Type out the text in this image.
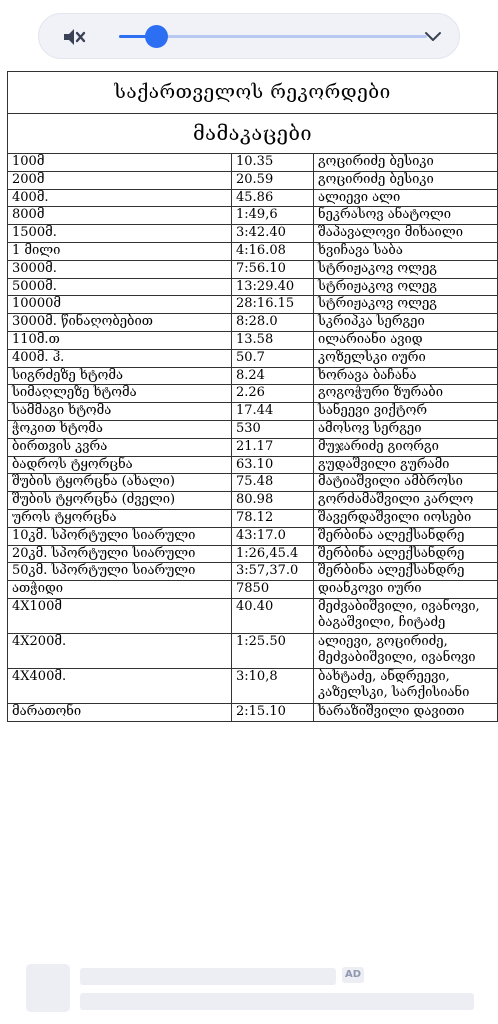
საქართველოს რეკორდები		
მამაკაცები		
100მ	10.35	გოცირიძე ბესიკი
200მ	20.59	გოცირიძე ბესიკი
400მ.	45.86	ალიევი ალი
800მ	1:49,6	ნეკრასოვ ანატოლი
1500მ.	3:42.40	შაპავალოვი მიხაილი
1 მილი	4:16.08	ხვიჩავა საბა
3000მ.	7:56.10	სტრიჟაკოვ ოლეგ
5000მ.	13:29.40	სტრიჟაკოვ ოლეგ
10000მ	28:16.15	სტრიჟაკოვ ოლეგ
3000მ. წინაღობებით	8:28.0	სკრიპკა სერგეი
110მ.თ	13.58	ილარიანი ავიდ
400მ. ჰ.	50.7	კოზელსკი იური
სიგრძეზე ხტომა	8.24	ხორავა ბაჩანა
სიმაღლეზე ხტომა	2.26	გოგოჭური ზურაბი
სამმაგი ხტომა	17.44	სანეევი ვიქტორ
ჭოკით ხტომა	530	ამოსოვ სერგეი
ბირთვის კვრა	21.17	მუჯარიძე გიორგი
ბადროს ტყორცნა	63.10	გუდაშვილი გურამი
შუბის ტყორცნა (ახალი)	75.48	მატიაშვილი ამბროსი
შუბის ტყორცნა (ძველი)	80.98	გორძამაშვილი კარლო
უროს ტყორცნა	78.12	შავერდაშვილი იოსები
10კმ. სპორტული სიარული	43:17.0	შერბინა ალექსანდრე
20კმ. სპორტული სიარული	1:26,45.4	შერბინა ალექსანდრე
50კმ. სპორტული სიარული	3:57,37.0	შერბინა ალექსანდრე
ათჭიდი	7850	დიანკოვი იური
4X100მ	40.40	მეძვაბიშვილი, ივანოვი, ბაგაშვილი, ჩიტაძე
4X200მ.	1:25.50	ალიევი, გოცირიძე, მეძვაბიშვილი, ივანოვი
4X400მ.	3:10,8	ბახტაძე, ანდრეევი, კაზელსკი, სარქისიანი
მარათონი	2:15.10	ხარაზიშვილი დავითი
AD
